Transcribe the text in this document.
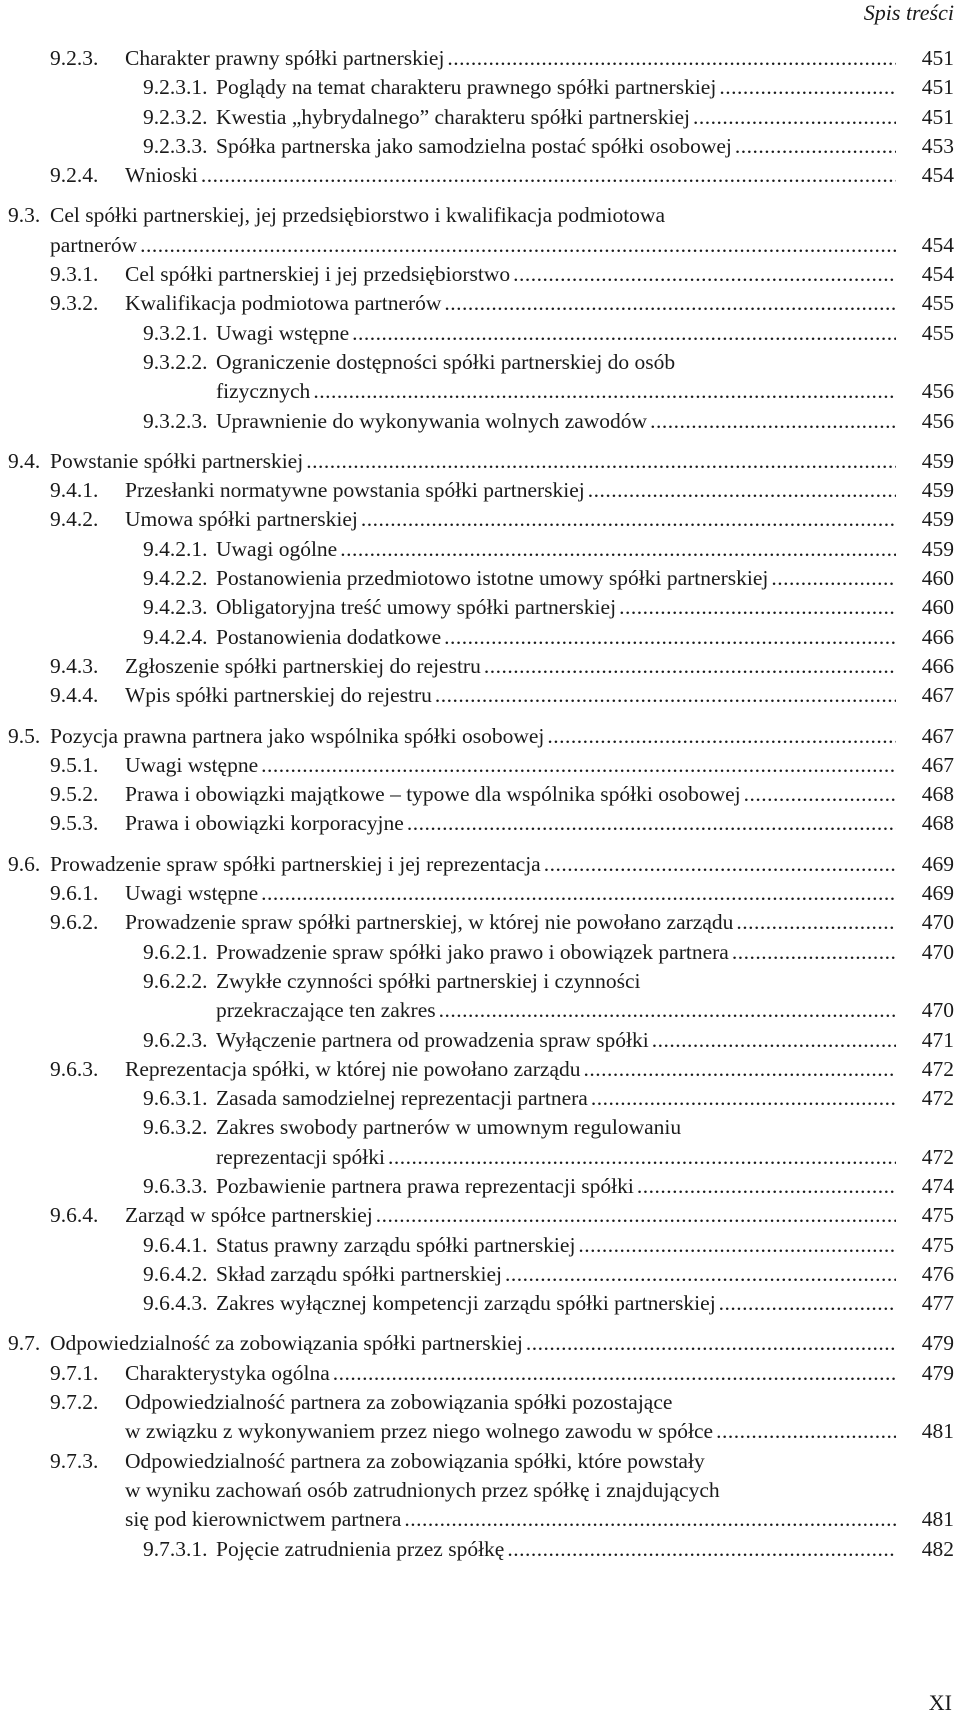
Spis treści
9.2.3. Charakter prawny spółki partnerskiej .....	451
9.2.3.1. Poglądy na temat charakteru prawnego spółki partnerskiej .....	451
9.2.3.2. Kwestia „hybrydalnego” charakteru spółki partnerskiej .....	451
9.2.3.3. Spółka partnerska jako samodzielna postać spółki osobowej .....	453
9.2.4. Wnioski .....	454
9.3. Cel spółki partnerskiej, jej przedsiębiorstwo i kwalifikacja podmiotowa
partnerów .....	454
9.3.1. Cel spółki partnerskiej i jej przedsiębiorstwo .....	454
9.3.2. Kwalifikacja podmiotowa partnerów .....	455
9.3.2.1. Uwagi wstępne .....	455
9.3.2.2. Ograniczenie dostępności spółki partnerskiej do osób
fizycznych .....	456
9.3.2.3. Uprawnienie do wykonywania wolnych zawodów .....	456
9.4. Powstanie spółki partnerskiej .....	459
9.4.1. Przesłanki normatywne powstania spółki partnerskiej .....	459
9.4.2. Umowa spółki partnerskiej .....	459
9.4.2.1. Uwagi ogólne .....	459
9.4.2.2. Postanowienia przedmiotowo istotne umowy spółki partnerskiej .....	460
9.4.2.3. Obligatoryjna treść umowy spółki partnerskiej .....	460
9.4.2.4. Postanowienia dodatkowe .....	466
9.4.3. Zgłoszenie spółki partnerskiej do rejestru .....	466
9.4.4. Wpis spółki partnerskiej do rejestru .....	467
9.5. Pozycja prawna partnera jako wspólnika spółki osobowej .....	467
9.5.1. Uwagi wstępne .....	467
9.5.2. Prawa i obowiązki majątkowe – typowe dla wspólnika spółki osobowej .....	468
9.5.3. Prawa i obowiązki korporacyjne .....	468
9.6. Prowadzenie spraw spółki partnerskiej i jej reprezentacja .....	469
9.6.1. Uwagi wstępne .....	469
9.6.2. Prowadzenie spraw spółki partnerskiej, w której nie powołano zarządu .....	470
9.6.2.1. Prowadzenie spraw spółki jako prawo i obowiązek partnera .....	470
9.6.2.2. Zwykłe czynności spółki partnerskiej i czynności
przekraczające ten zakres .....	470
9.6.2.3. Wyłączenie partnera od prowadzenia spraw spółki .....	471
9.6.3. Reprezentacja spółki, w której nie powołano zarządu .....	472
9.6.3.1. Zasada samodzielnej reprezentacji partnera .....	472
9.6.3.2. Zakres swobody partnerów w umownym regulowaniu
reprezentacji spółki .....	472
9.6.3.3. Pozbawienie partnera prawa reprezentacji spółki .....	474
9.6.4. Zarząd w spółce partnerskiej .....	475
9.6.4.1. Status prawny zarządu spółki partnerskiej .....	475
9.6.4.2. Skład zarządu spółki partnerskiej .....	476
9.6.4.3. Zakres wyłącznej kompetencji zarządu spółki partnerskiej .....	477
9.7. Odpowiedzialność za zobowiązania spółki partnerskiej .....	479
9.7.1. Charakterystyka ogólna .....	479
9.7.2. Odpowiedzialność partnera za zobowiązania spółki pozostające
w związku z wykonywaniem przez niego wolnego zawodu w spółce .....	481
9.7.3. Odpowiedzialność partnera za zobowiązania spółki, które powstały
w wyniku zachowań osób zatrudnionych przez spółkę i znajdujących
się pod kierownictwem partnera .....	481
9.7.3.1. Pojęcie zatrudnienia przez spółkę .....	482
XI
